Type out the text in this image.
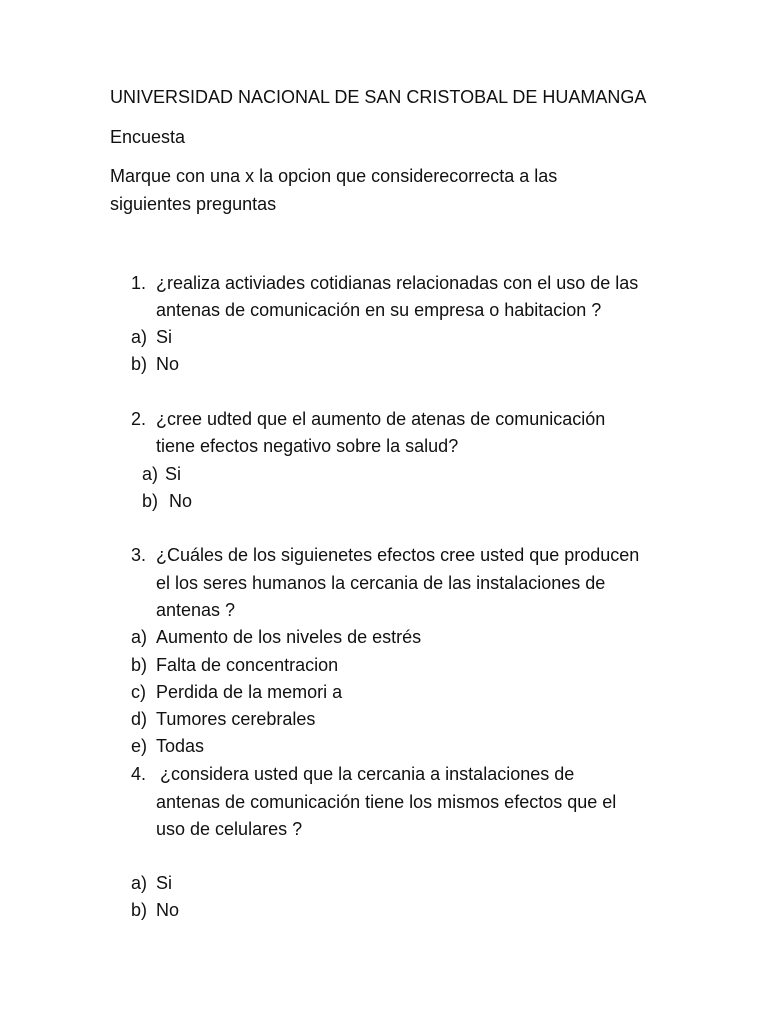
UNIVERSIDAD NACIONAL DE SAN CRISTOBAL DE HUAMANGA
Encuesta
Marque con una x la opcion que considerecorrecta a las
siguientes preguntas
1. ¿realiza activiades cotidianas relacionadas con el uso de las
antenas de comunicación en su empresa o habitacion ?
a) Si
b) No
2. ¿cree udted que el aumento de atenas de comunicación
tiene efectos negativo sobre la salud?
a) Si
b) No
3. ¿Cuáles de los siguienetes efectos cree usted que producen
el los seres humanos la cercania de las instalaciones de
antenas ?
a) Aumento de los niveles de estrés
b) Falta de concentracion
c) Perdida de la memori a
d) Tumores cerebrales
e) Todas
4. ¿considera usted que la cercania a instalaciones de
antenas de comunicación tiene los mismos efectos que el
uso de celulares ?
a) Si
b) No
